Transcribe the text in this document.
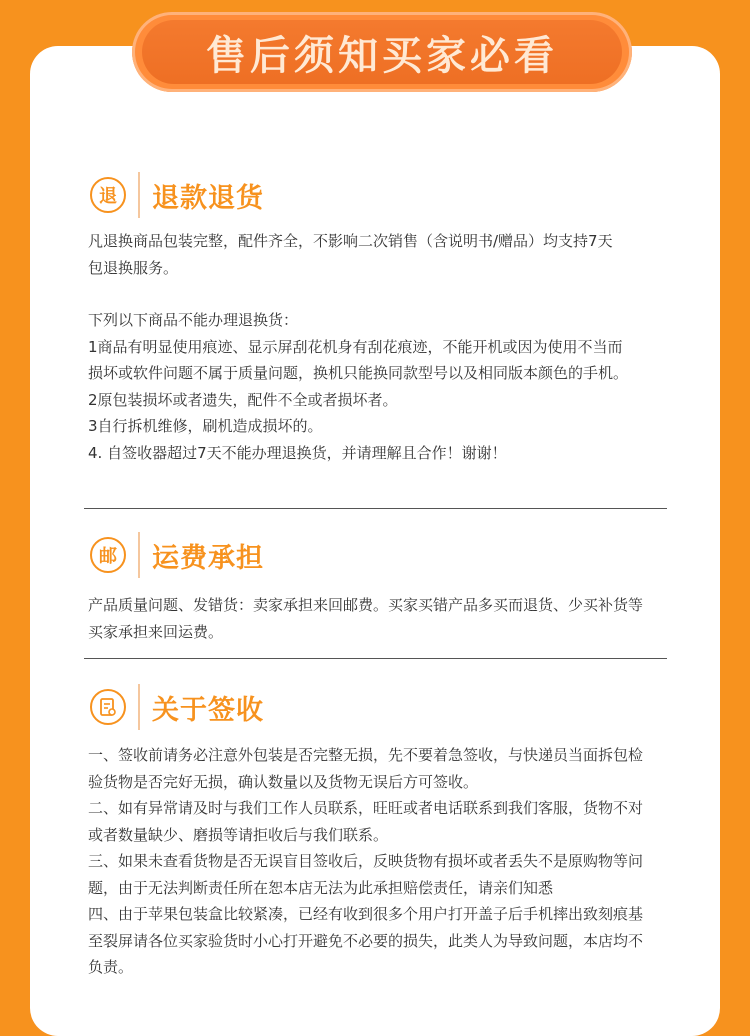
售后须知买家必看
退	退款退货

凡退换商品包装完整，配件齐全，不影响二次销售（含说明书/赠品）均支持7天

包退换服务。

下列以下商品不能办理退换货：

1商品有明显使用痕迹、显示屏刮花机身有刮花痕迹，不能开机或因为使用不当而

损坏或软件问题不属于质量问题，换机只能换同款型号以及相同版本颜色的手机。

2原包装损坏或者遗失，配件不全或者损坏者。

3自行拆机维修，刷机造成损坏的。

4. 自签收器超过7天不能办理退换货，并请理解且合作！谢谢！

邮	运费承担

产品质量问题、发错货：卖家承担来回邮费。买家买错产品多买而退货、少买补货等

买家承担来回运费。

关于签收

一、签收前请务必注意外包装是否完整无损，先不要着急签收，与快递员当面拆包检

验货物是否完好无损，确认数量以及货物无误后方可签收。

二、如有异常请及时与我们工作人员联系，旺旺或者电话联系到我们客服，货物不对

或者数量缺少、磨损等请拒收后与我们联系。

三、如果未查看货物是否无误盲目签收后，反映货物有损坏或者丢失不是原购物等问

题，由于无法判断责任所在恕本店无法为此承担赔偿责任，请亲们知悉

四、由于苹果包装盒比较紧凑，已经有收到很多个用户打开盖子后手机摔出致刻痕基

至裂屏请各位买家验货时小心打开避免不必要的损失，此类人为导致问题，本店均不

负责。
